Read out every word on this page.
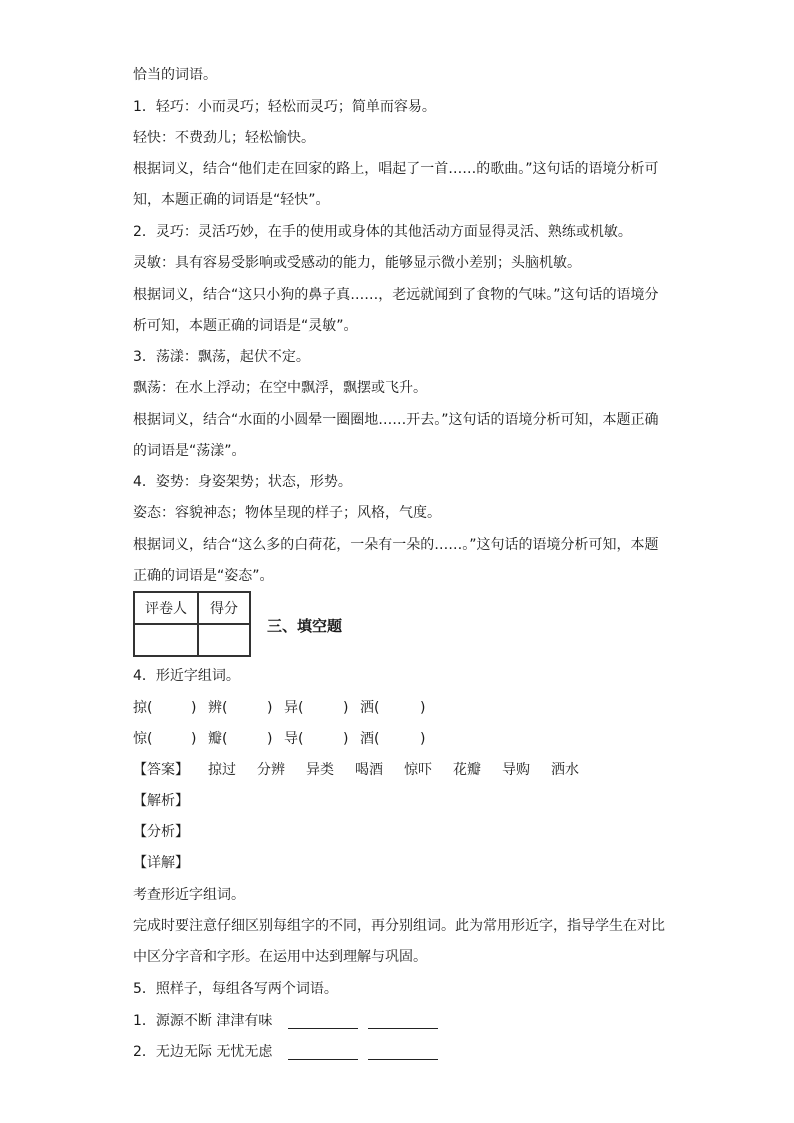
恰当的词语。
1．轻巧：小而灵巧；轻松而灵巧；简单而容易。
轻快：不费劲儿；轻松愉快。
根据词义，结合“他们走在回家的路上，唱起了一首……的歌曲。”这句话的语境分析可
知，本题正确的词语是“轻快”。
2．灵巧：灵活巧妙，在手的使用或身体的其他活动方面显得灵活、熟练或机敏。
灵敏：具有容易受影响或受感动的能力，能够显示微小差别；头脑机敏。
根据词义，结合“这只小狗的鼻子真……，老远就闻到了食物的气味。”这句话的语境分
析可知，本题正确的词语是“灵敏”。
3．荡漾：飘荡，起伏不定。
飘荡：在水上浮动；在空中飘浮，飘摆或飞升。
根据词义，结合“水面的小圆晕一圈圈地……开去。”这句话的语境分析可知，本题正确
的词语是“荡漾”。
4．姿势：身姿架势；状态，形势。
姿态：容貌神态；物体呈现的样子；风格，气度。
根据词义，结合“这么多的白荷花，一朵有一朵的……。”这句话的语境分析可知，本题
正确的词语是“姿态”。
评卷人	得分

三、填空题
4．形近字组词。
掠(	) 辨(	) 异(	) 洒(	)
惊(	) 瓣(	) 导(	) 酒(	)
【答案】 掠过 分辨 异类 喝酒 惊吓 花瓣 导购 洒水
【解析】
【分析】
【详解】
考查形近字组词。
完成时要注意仔细区别每组字的不同，再分别组词。此为常用形近字，指导学生在对比
中区分字音和字形。在运用中达到理解与巩固。
5．照样子，每组各写两个词语。
1．源源不断 津津有味
2．无边无际 无忧无虑
